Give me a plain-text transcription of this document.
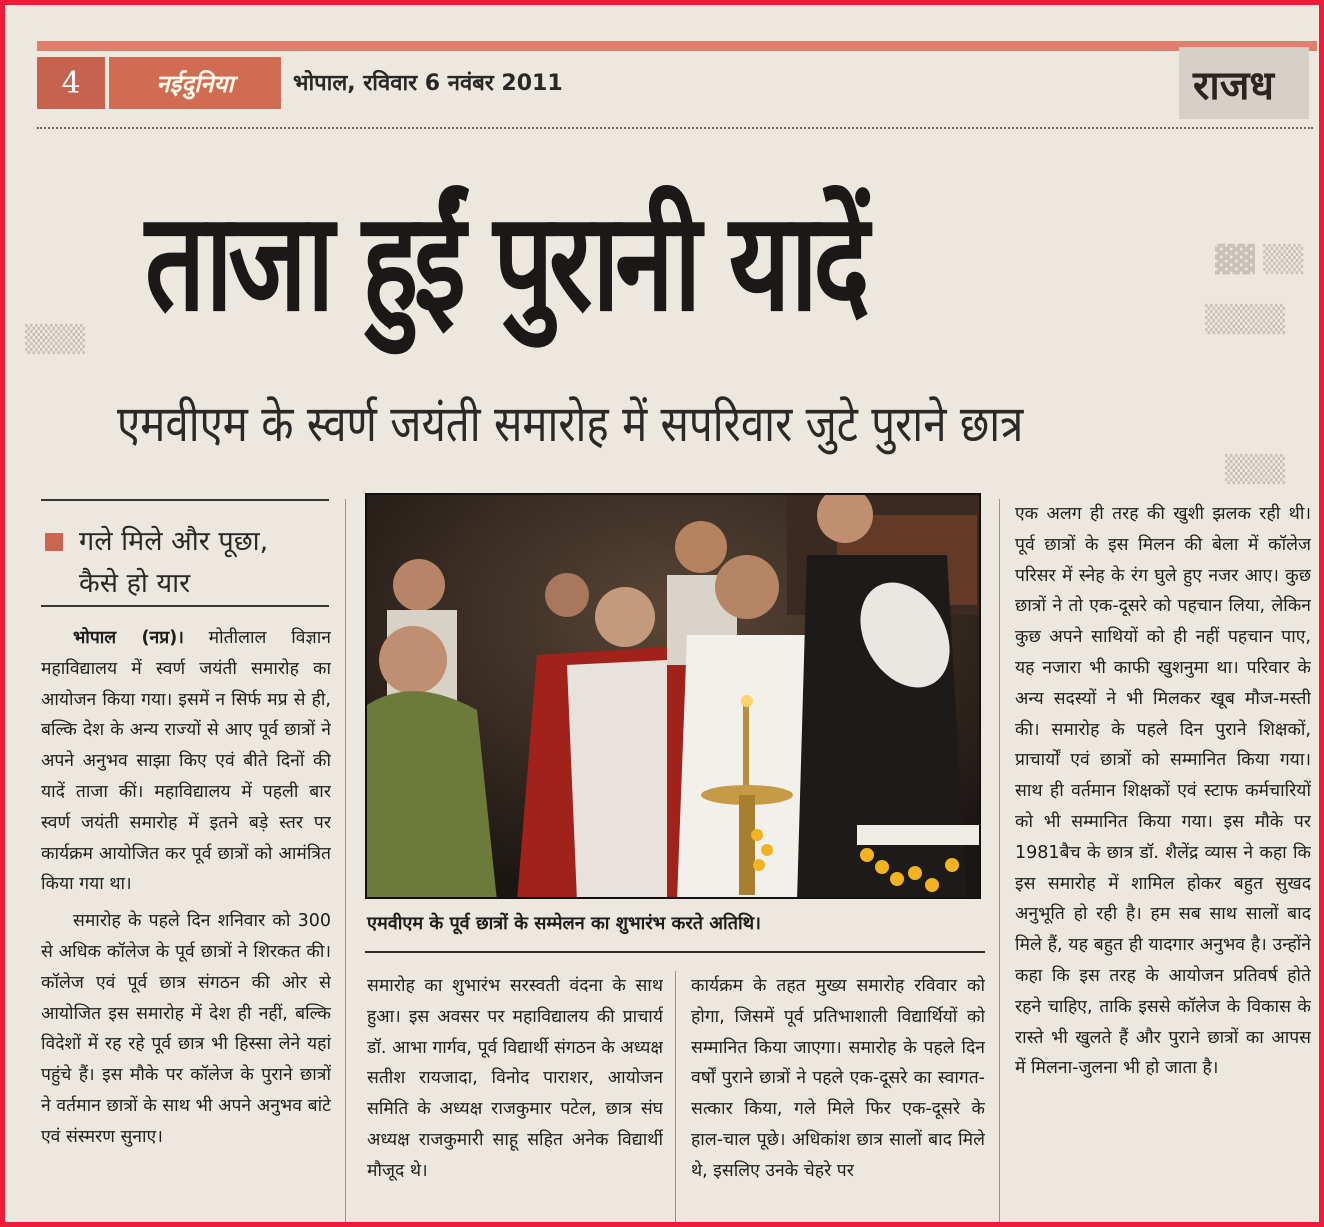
4	नईदुनिया	भोपाल, रविवार 6 नवंबर 2011	राजध
▓▓ ▒▒
▒▒▒▒
▒▒▒
▒▒▒
ताजा हुईं पुरानी यादें
एमवीएम के स्वर्ण जयंती समारोह में सपरिवार जुटे पुराने छात्र
गले मिले और पूछा,
कैसे हो यार

भोपाल (नप्र)। मोतीलाल विज्ञान महाविद्यालय में स्वर्ण जयंती समारोह का आयोजन किया गया। इसमें न सिर्फ मप्र से ही, बल्कि देश के अन्य राज्यों से आए पूर्व छात्रों ने अपने अनुभव साझा किए एवं बीते दिनों की यादें ताजा कीं। महाविद्यालय में पहली बार स्वर्ण जयंती समारोह में इतने बड़े स्तर पर कार्यक्रम आयोजित कर पूर्व छात्रों को आमंत्रित किया गया था।

समारोह के पहले दिन शनिवार को 300 से अधिक कॉलेज के पूर्व छात्रों ने शिरकत की। कॉलेज एवं पूर्व छात्र संगठन की ओर से आयोजित इस समारोह में देश ही नहीं, बल्कि विदेशों में रह रहे पूर्व छात्र भी हिस्सा लेने यहां पहुंचे हैं। इस मौके पर कॉलेज के पुराने छात्रों ने वर्तमान छात्रों के साथ भी अपने अनुभव बांटे एवं संस्मरण सुनाए।

एमवीएम के पूर्व छात्रों के सम्मेलन का शुभारंभ करते अतिथि।

समारोह का शुभारंभ सरस्वती वंदना के साथ हुआ। इस अवसर पर महाविद्यालय की प्राचार्य डॉ. आभा गार्गव, पूर्व विद्यार्थी संगठन के अध्यक्ष सतीश रायजादा, विनोद पाराशर, आयोजन समिति के अध्यक्ष राजकुमार पटेल, छात्र संघ अध्यक्ष राजकुमारी साहू सहित अनेक विद्यार्थी मौजूद थे।

कार्यक्रम के तहत मुख्य समारोह रविवार को होगा, जिसमें पूर्व प्रतिभाशाली विद्यार्थियों को सम्मानित किया जाएगा। समारोह के पहले दिन वर्षों पुराने छात्रों ने पहले एक-दूसरे का स्वागत-सत्कार किया, गले मिले फिर एक-दूसरे के हाल-चाल पूछे। अधिकांश छात्र सालों बाद मिले थे, इसलिए उनके चेहरे पर

एक अलग ही तरह की खुशी झलक रही थी। पूर्व छात्रों के इस मिलन की बेला में कॉलेज परिसर में स्नेह के रंग घुले हुए नजर आए। कुछ छात्रों ने तो एक-दूसरे को पहचान लिया, लेकिन कुछ अपने साथियों को ही नहीं पहचान पाए, यह नजारा भी काफी खुशनुमा था। परिवार के अन्य सदस्यों ने भी मिलकर खूब मौज-मस्ती की। समारोह के पहले दिन पुराने शिक्षकों, प्राचार्यों एवं छात्रों को सम्मानित किया गया। साथ ही वर्तमान शिक्षकों एवं स्टाफ कर्मचारियों को भी सम्मानित किया गया। इस मौके पर 1981बैच के छात्र डॉ. शैलेंद्र व्यास ने कहा कि इस समारोह में शामिल होकर बहुत सुखद अनुभूति हो रही है। हम सब साथ सालों बाद मिले हैं, यह बहुत ही यादगार अनुभव है। उन्होंने कहा कि इस तरह के आयोजन प्रतिवर्ष होते रहने चाहिए, ताकि इससे कॉलेज के विकास के रास्ते भी खुलते हैं और पुराने छात्रों का आपस में मिलना-जुलना भी हो जाता है।
